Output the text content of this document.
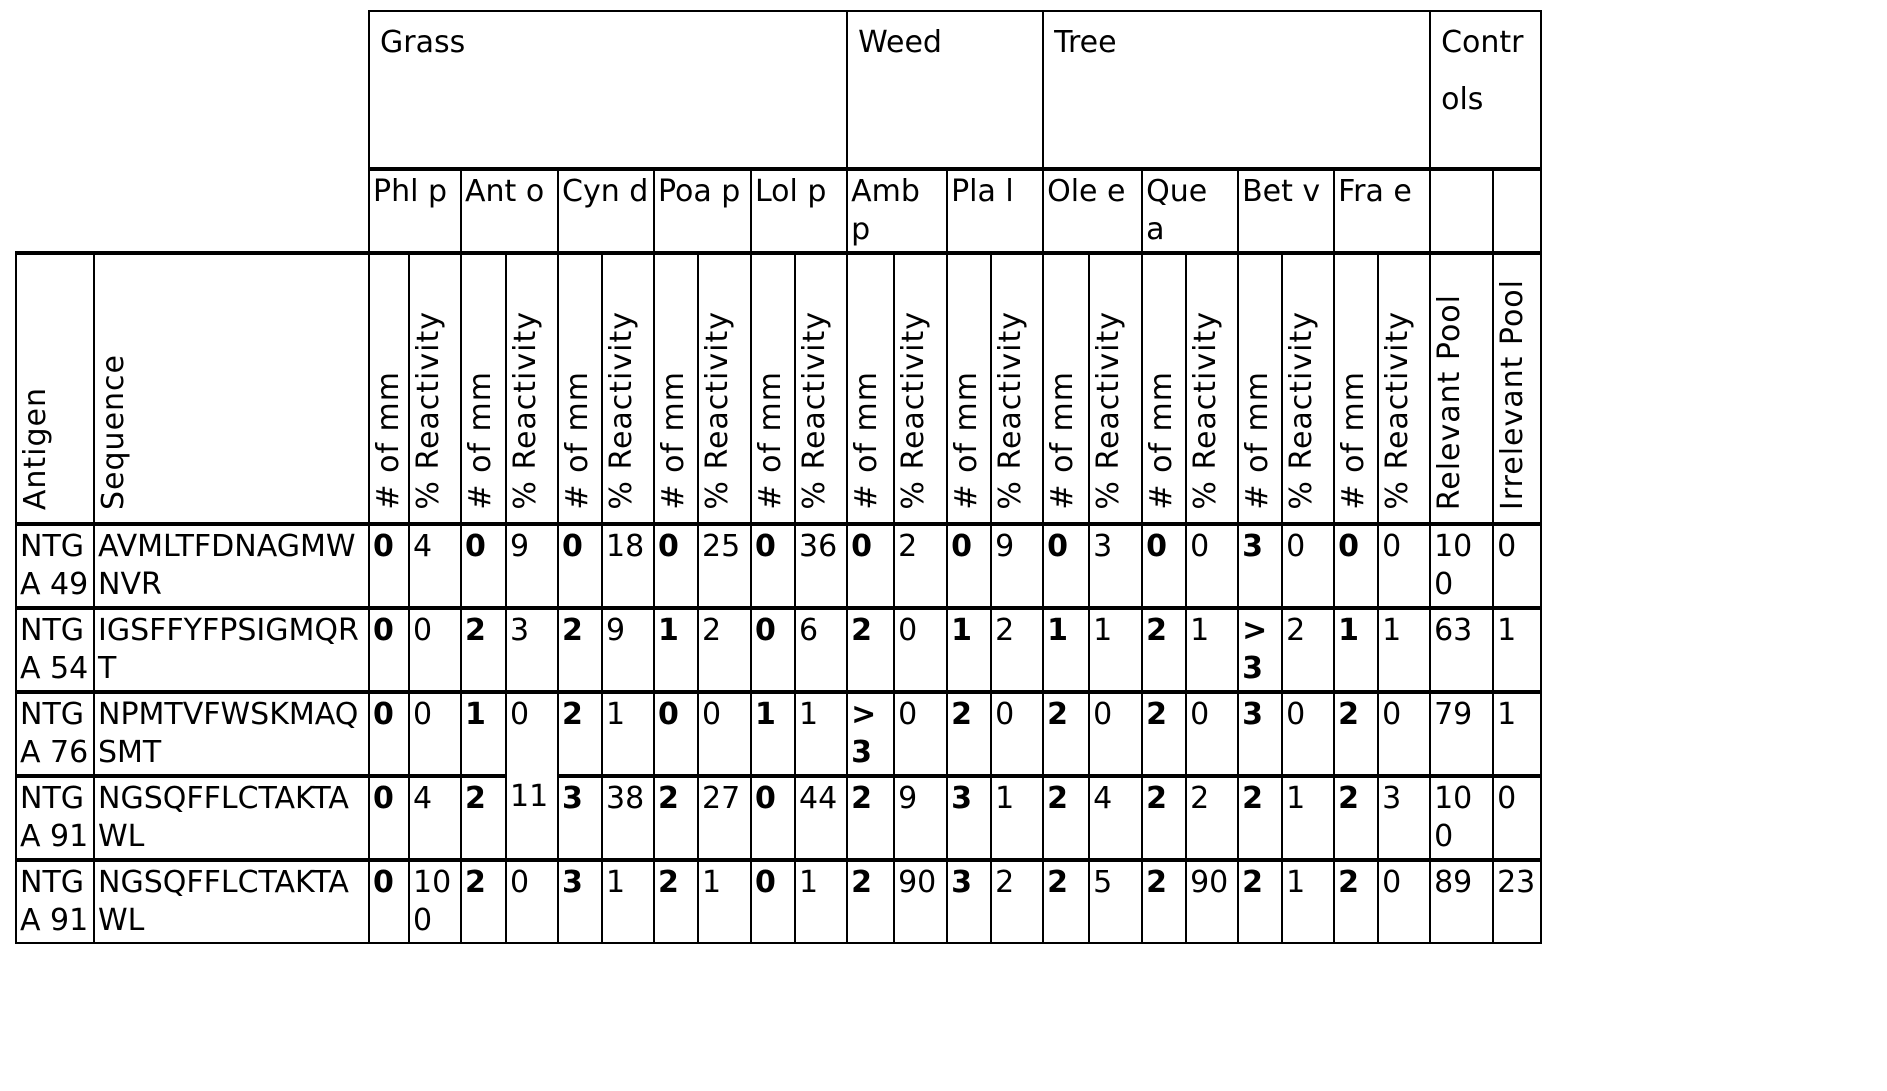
		Grass										Weed				Tree								Controls	
		Phl p		Ant o		Cyn d		Poa p		Lol p		Amb p		Pla l		Ole e		Que a		Bet v		Fra e			
Antigen	Sequence	# of mm	% Reactivity	# of mm	% Reactivity	# of mm	% Reactivity	# of mm	% Reactivity	# of mm	% Reactivity	# of mm	% Reactivity	# of mm	% Reactivity	# of mm	% Reactivity	# of mm	% Reactivity	# of mm	% Reactivity	# of mm	% Reactivity	Relevant Pool	Irrelevant Pool
NTGA 49	AVMLTFDNAGMWNVR	0	4	0	9	0	18	0	25	0	36	0	2	0	9	0	3	0	0	3	0	0	0	100	0
NTGA 54	IGSFFYFPSIGMQRT	0	0	2	3	2	9	1	2	0	6	2	0	1	2	1	1	2	1	>3	2	1	1	63	1
NTGA 76	NPMTVFWSKMAQSMT	0	0	1	0	2	1	0	0	1	1	>3	0	2	0	2	0	2	0	3	0	2	0	79	1
NTGA 91	NGSQFFLCTAKTAWL	0	4	2	11	3	38	2	27	0	44	2	9	3	1	2	4	2	2	2	1	2	3	100	0
NTGA 91	NGSQFFLCTAKTAWL	0	100	2	0	3	1	2	1	0	1	2	90	3	2	2	5	2	90	2	1	2	0	89	23
